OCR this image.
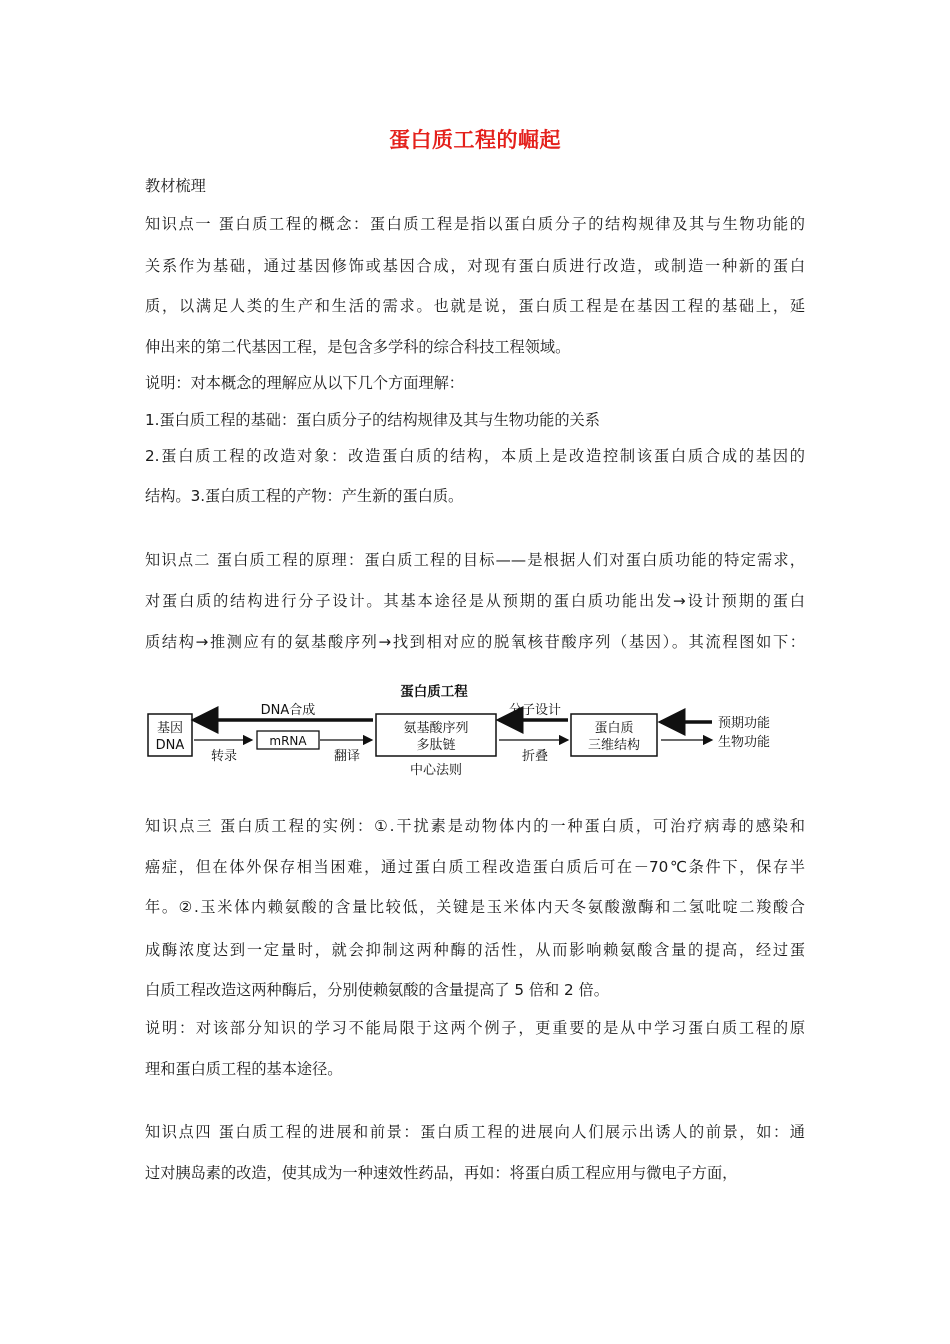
蛋白质工程的崛起
教材梳理
知识点一 蛋白质工程的概念：蛋白质工程是指以蛋白质分子的结构规律及其与生物功能的
关系作为基础，通过基因修饰或基因合成，对现有蛋白质进行改造，或制造一种新的蛋白
质，以满足人类的生产和生活的需求。也就是说，蛋白质工程是在基因工程的基础上，延
伸出来的第二代基因工程，是包含多学科的综合科技工程领域。
说明：对本概念的理解应从以下几个方面理解：
1.蛋白质工程的基础：蛋白质分子的结构规律及其与生物功能的关系
2.蛋白质工程的改造对象：改造蛋白质的结构，本质上是改造控制该蛋白质合成的基因的
结构。3.蛋白质工程的产物：产生新的蛋白质。
知识点二 蛋白质工程的原理：蛋白质工程的目标——是根据人们对蛋白质功能的特定需求，
对蛋白质的结构进行分子设计。其基本途径是从预期的蛋白质功能出发→设计预期的蛋白
质结构→推测应有的氨基酸序列→找到相对应的脱氧核苷酸序列（基因）。其流程图如下：
蛋白质工程
基因
DNA
DNA合成
转录
mRNA
翻译
氨基酸序列
多肽链
中心法则
分子设计
折叠
蛋白质
三维结构
预期功能
生物功能
知识点三 蛋白质工程的实例：①.干扰素是动物体内的一种蛋白质，可治疗病毒的感染和
癌症，但在体外保存相当困难，通过蛋白质工程改造蛋白质后可在－70℃条件下，保存半
年。②.玉米体内赖氨酸的含量比较低，关键是玉米体内天冬氨酸激酶和二氢吡啶二羧酸合
成酶浓度达到一定量时，就会抑制这两种酶的活性，从而影响赖氨酸含量的提高，经过蛋
白质工程改造这两种酶后，分别使赖氨酸的含量提高了 5 倍和 2 倍。
说明：对该部分知识的学习不能局限于这两个例子，更重要的是从中学习蛋白质工程的原
理和蛋白质工程的基本途径。
知识点四 蛋白质工程的进展和前景：蛋白质工程的进展向人们展示出诱人的前景，如：通
过对胰岛素的改造，使其成为一种速效性药品，再如：将蛋白质工程应用与微电子方面，
